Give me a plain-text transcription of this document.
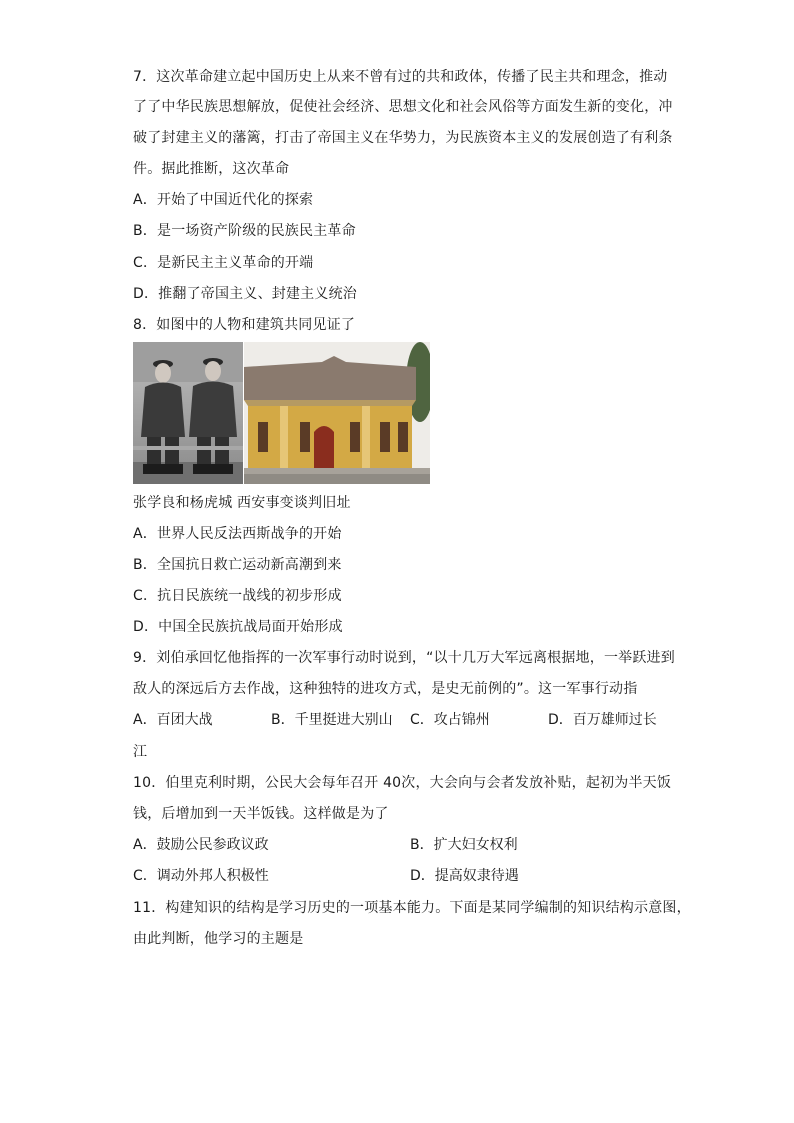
7．这次革命建立起中国历史上从来不曾有过的共和政体，传播了民主共和理念，推动
了了中华民族思想解放，促使社会经济、思想文化和社会风俗等方面发生新的变化，冲
破了封建主义的藩篱，打击了帝国主义在华势力，为民族资本主义的发展创造了有利条
件。据此推断，这次革命
A．开始了中国近代化的探索
B．是一场资产阶级的民族民主革命
C．是新民主主义革命的开端
D．推翻了帝国主义、封建主义统治
8．如图中的人物和建筑共同见证了
张学良和杨虎城 西安事变谈判旧址
A．世界人民反法西斯战争的开始
B．全国抗日救亡运动新高潮到来
C．抗日民族统一战线的初步形成
D．中国全民族抗战局面开始形成
9．刘伯承回忆他指挥的一次军事行动时说到，“以十几万大军远离根据地，一举跃进到
敌人的深远后方去作战，这种独特的进攻方式，是史无前例的”。这一军事行动指
A．百团大战	B．千里挺进大别山 C．攻占锦州	D．百万雄师过长
江
10．伯里克利时期，公民大会每年召开 40次，大会向与会者发放补贴，起初为半天饭
钱，后增加到一天半饭钱。这样做是为了
A．鼓励公民参政议政	B．扩大妇女权利
C．调动外邦人积极性	D．提高奴隶待遇
11．构建知识的结构是学习历史的一项基本能力。下面是某同学编制的知识结构示意图，
由此判断，他学习的主题是
